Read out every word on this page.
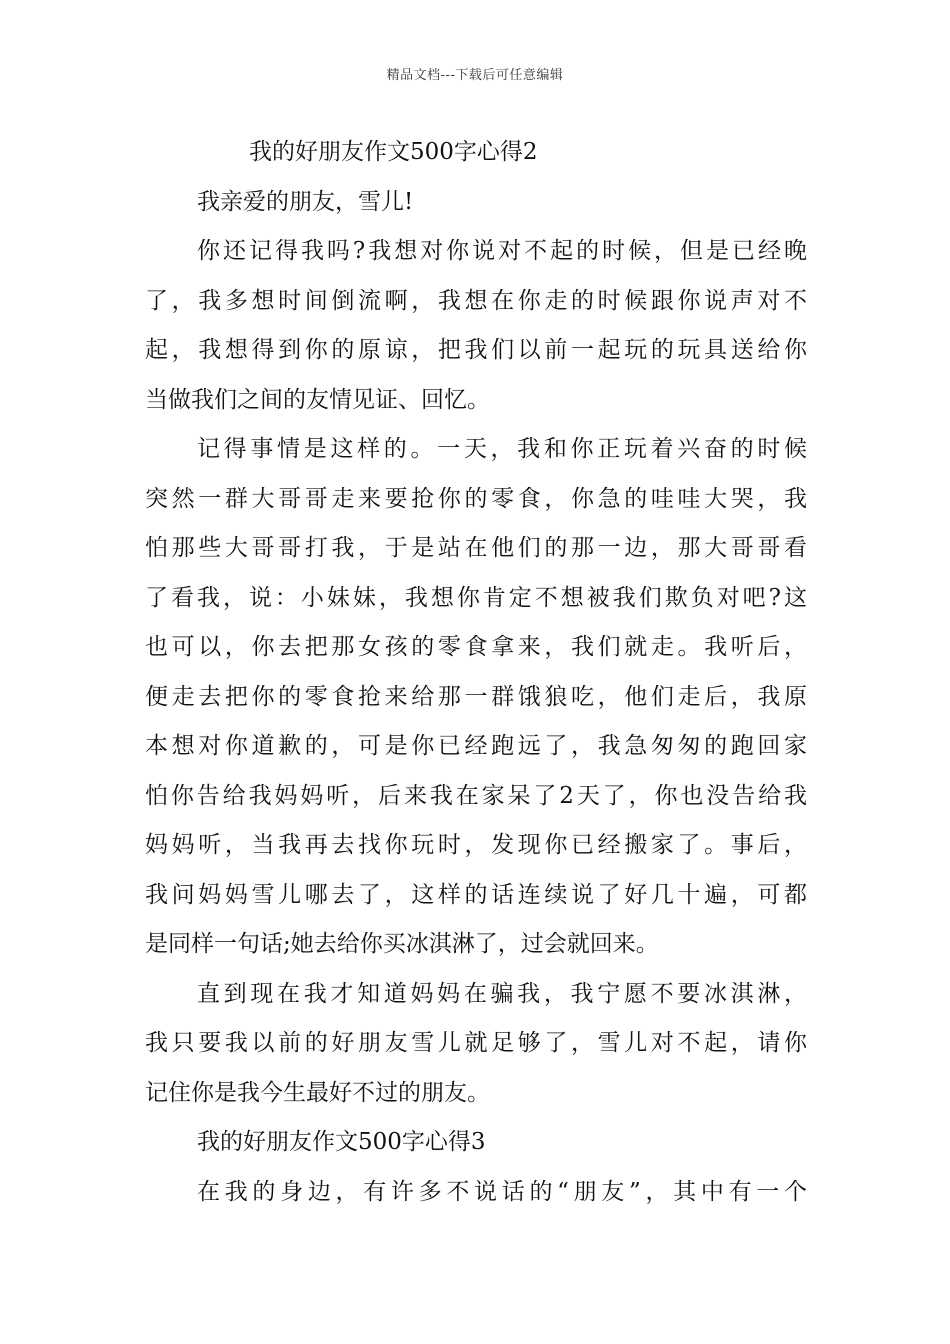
精品文档---下载后可任意编辑
我的好朋友作文500字心得2
我亲爱的朋友，雪儿!
你还记得我吗?我想对你说对不起的时候，但是已经晚
了，我多想时间倒流啊，我想在你走的时候跟你说声对不
起，我想得到你的原谅，把我们以前一起玩的玩具送给你
当做我们之间的友情见证、回忆。
记得事情是这样的。一天，我和你正玩着兴奋的时候
突然一群大哥哥走来要抢你的零食，你急的哇哇大哭，我
怕那些大哥哥打我，于是站在他们的那一边，那大哥哥看
了看我，说：小妹妹，我想你肯定不想被我们欺负对吧?这
也可以，你去把那女孩的零食拿来，我们就走。我听后，
便走去把你的零食抢来给那一群饿狼吃，他们走后，我原
本想对你道歉的，可是你已经跑远了，我急匆匆的跑回家
怕你告给我妈妈听，后来我在家呆了2天了，你也没告给我
妈妈听，当我再去找你玩时，发现你已经搬家了。事后，
我问妈妈雪儿哪去了，这样的话连续说了好几十遍，可都
是同样一句话;她去给你买冰淇淋了，过会就回来。
直到现在我才知道妈妈在骗我，我宁愿不要冰淇淋，
我只要我以前的好朋友雪儿就足够了，雪儿对不起，请你
记住你是我今生最好不过的朋友。
我的好朋友作文500字心得3
在我的身边，有许多不说话的“朋友”，其中有一个
